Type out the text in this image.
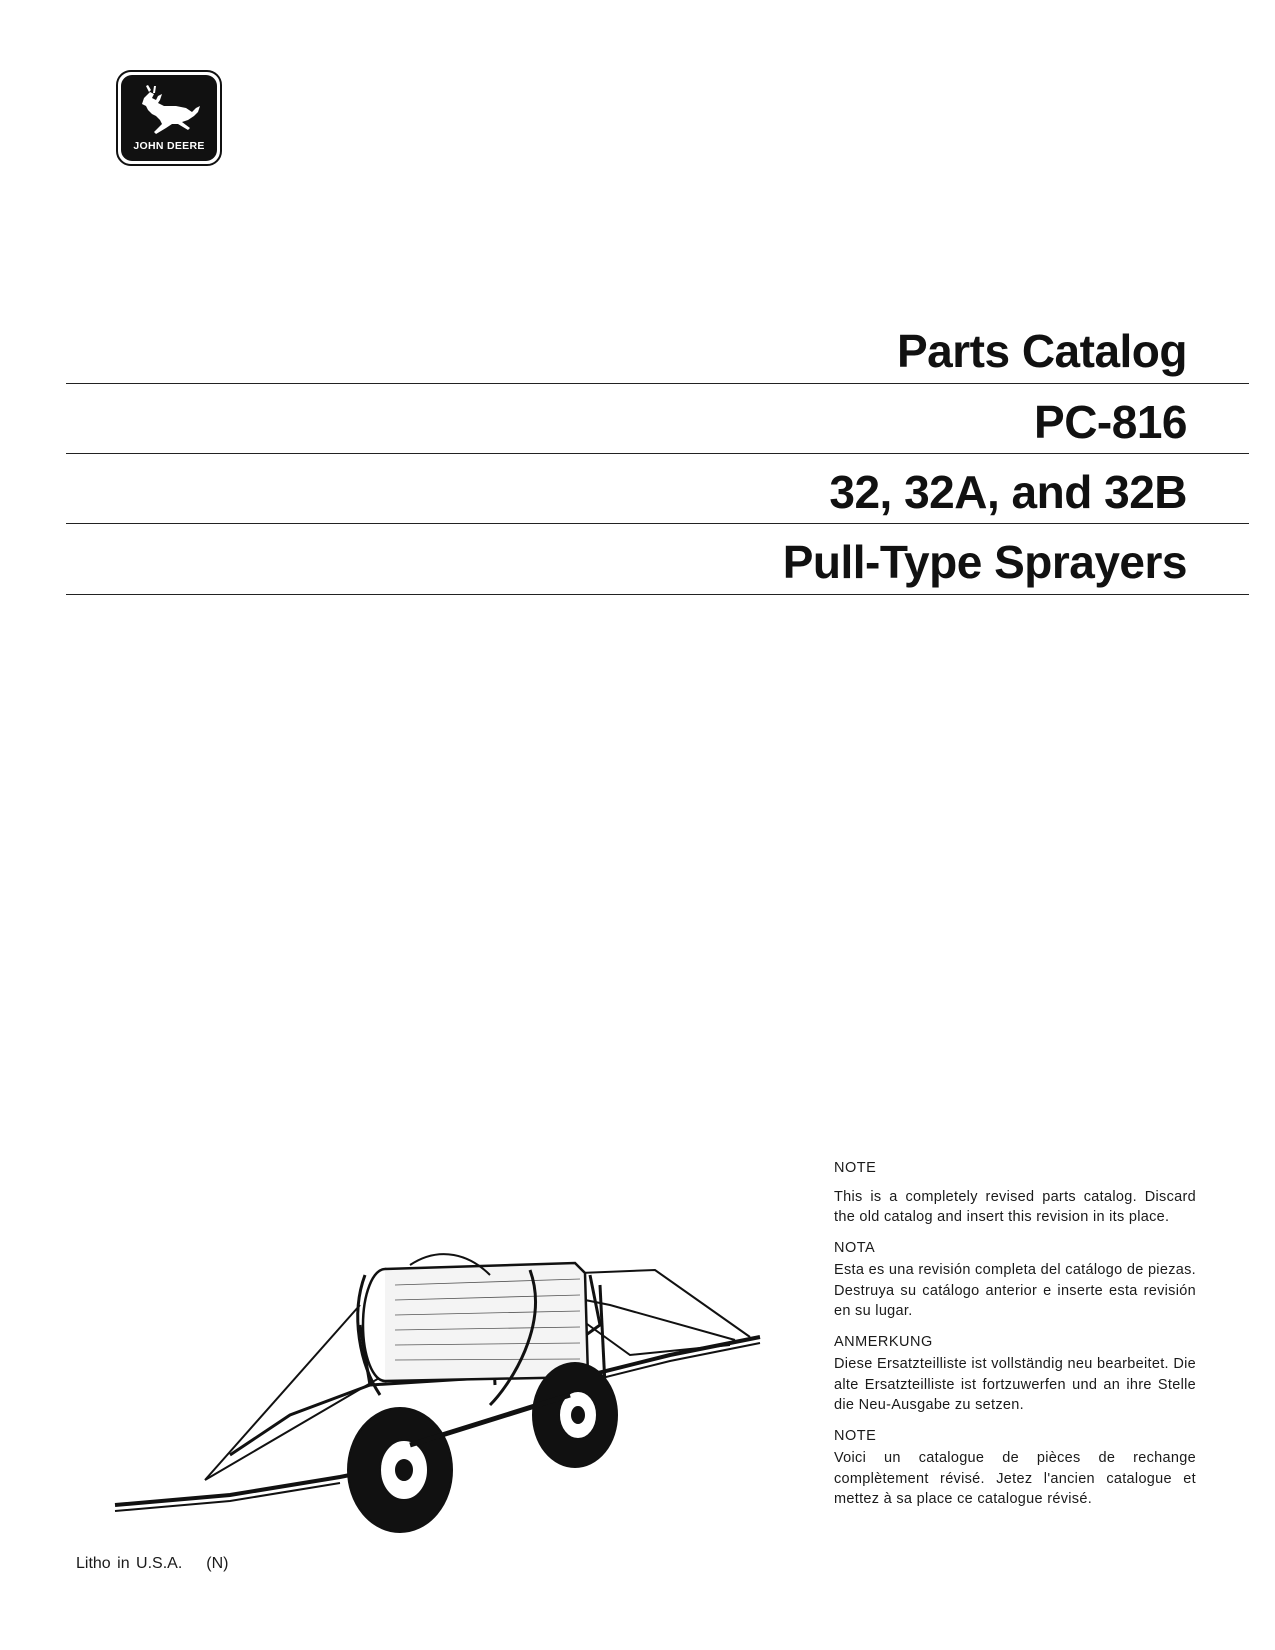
JOHN DEERE
Parts Catalog
PC-816
32, 32A, and 32B
Pull-Type Sprayers

NOTE

This is a completely revised parts catalog. Discard the old catalog and insert this revision in its place.

NOTA

Esta es una revisión completa del catálogo de piezas. Destruya su catálogo anterior e inserte esta revisión en su lugar.

ANMERKUNG

Diese Ersatzteilliste ist vollständig neu bearbeitet. Die alte Ersatzteilliste ist fortzuwerfen und an ihre Stelle die Neu-Ausgabe zu setzen.

NOTE

Voici un catalogue de pièces de rechange complètement révisé. Jetez l'ancien catalogue et mettez à sa place ce catalogue révisé.

Litho in U.S.A. (N)
